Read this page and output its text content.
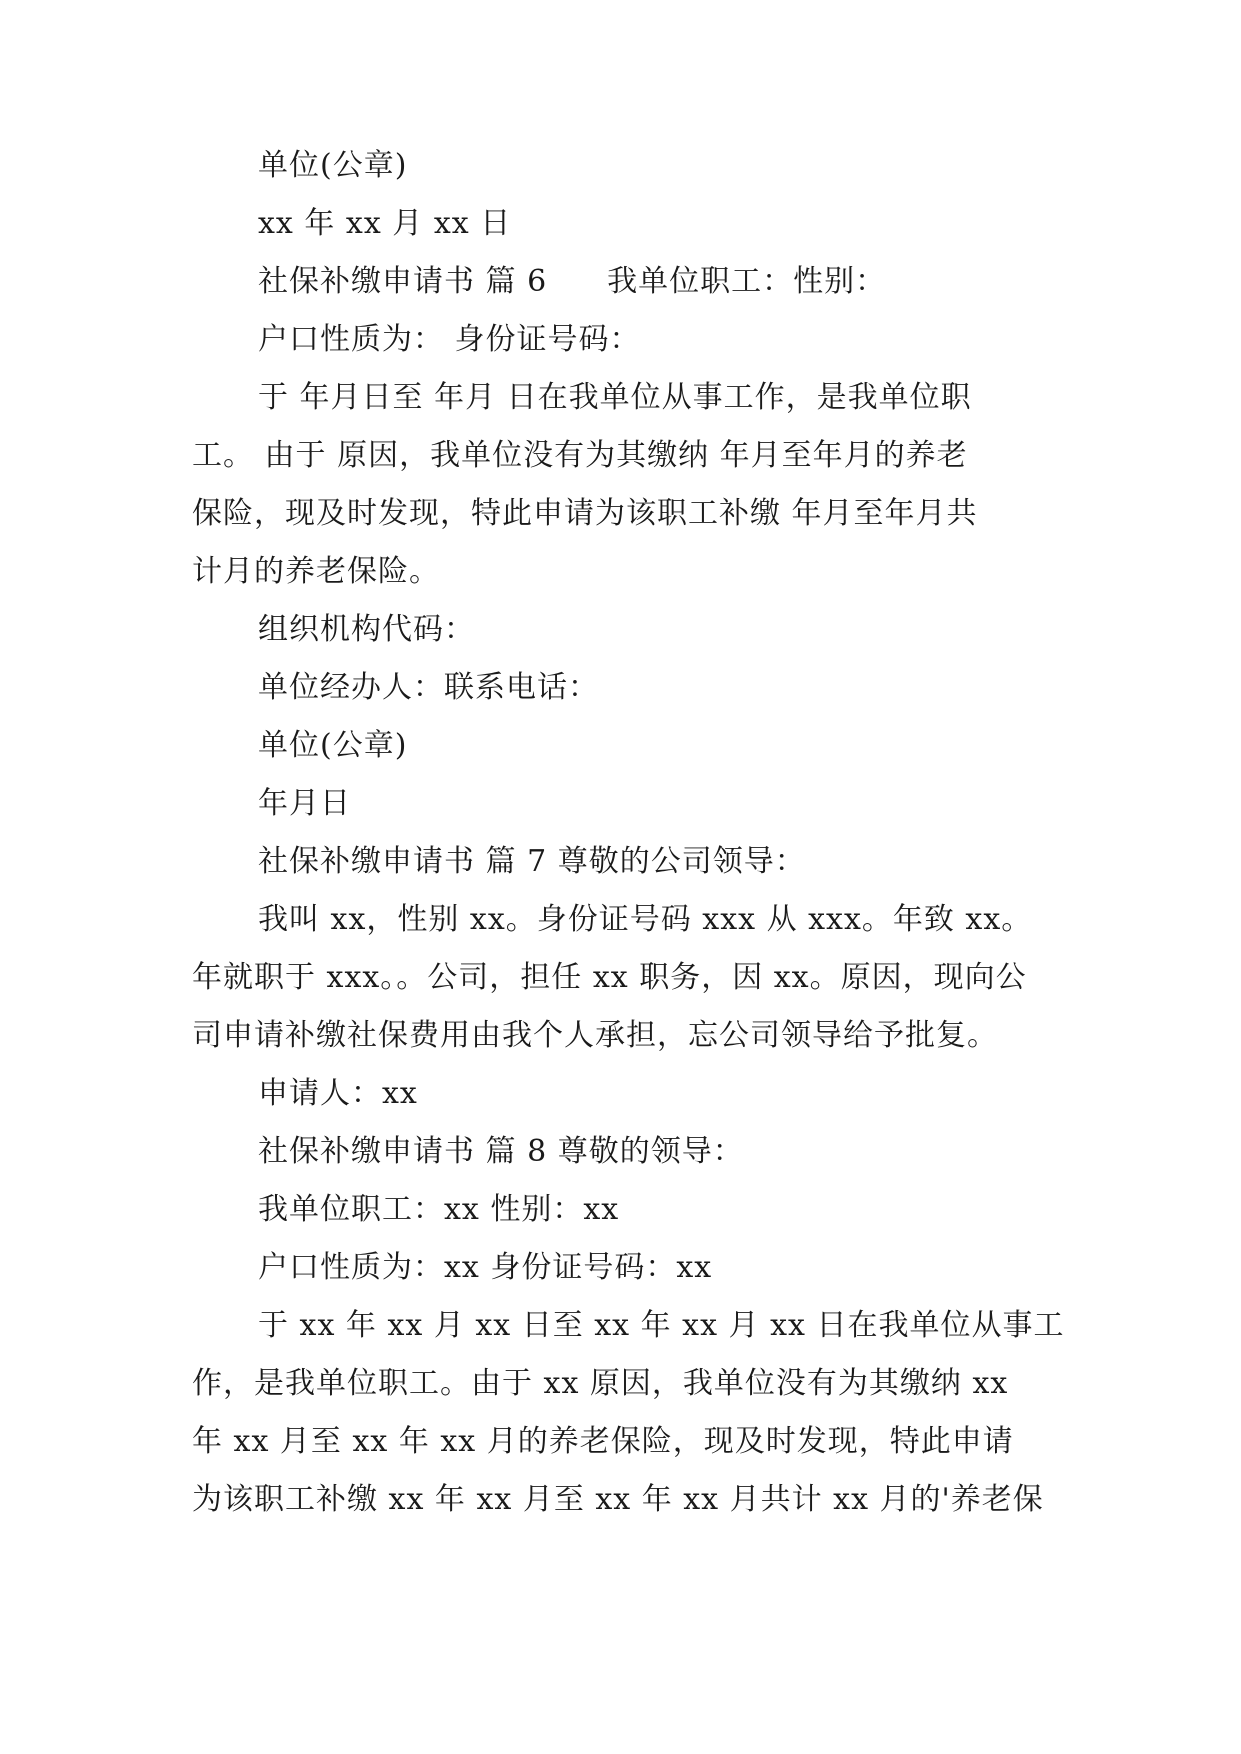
单位(公章)
xx 年 xx 月 xx 日
社保补缴申请书 篇 6 我单位职工：性别：
户口性质为： 身份证号码：
于 年月日至 年月 日在我单位从事工作，是我单位职
工。 由于 原因，我单位没有为其缴纳 年月至年月的养老
保险，现及时发现，特此申请为该职工补缴 年月至年月共
计月的养老保险。
组织机构代码：
单位经办人：联系电话：
单位(公章)
年月日
社保补缴申请书 篇 7 尊敬的公司领导：
我叫 xx，性别 xx。身份证号码 xxx 从 xxx。年致 xx。
年就职于 xxx。。公司，担任 xx 职务，因 xx。原因，现向公
司申请补缴社保费用由我个人承担，忘公司领导给予批复。
申请人：xx
社保补缴申请书 篇 8 尊敬的领导：
我单位职工：xx 性别：xx
户口性质为：xx 身份证号码：xx
于 xx 年 xx 月 xx 日至 xx 年 xx 月 xx 日在我单位从事工
作，是我单位职工。由于 xx 原因，我单位没有为其缴纳 xx
年 xx 月至 xx 年 xx 月的养老保险，现及时发现，特此申请
为该职工补缴 xx 年 xx 月至 xx 年 xx 月共计 xx 月的'养老保
